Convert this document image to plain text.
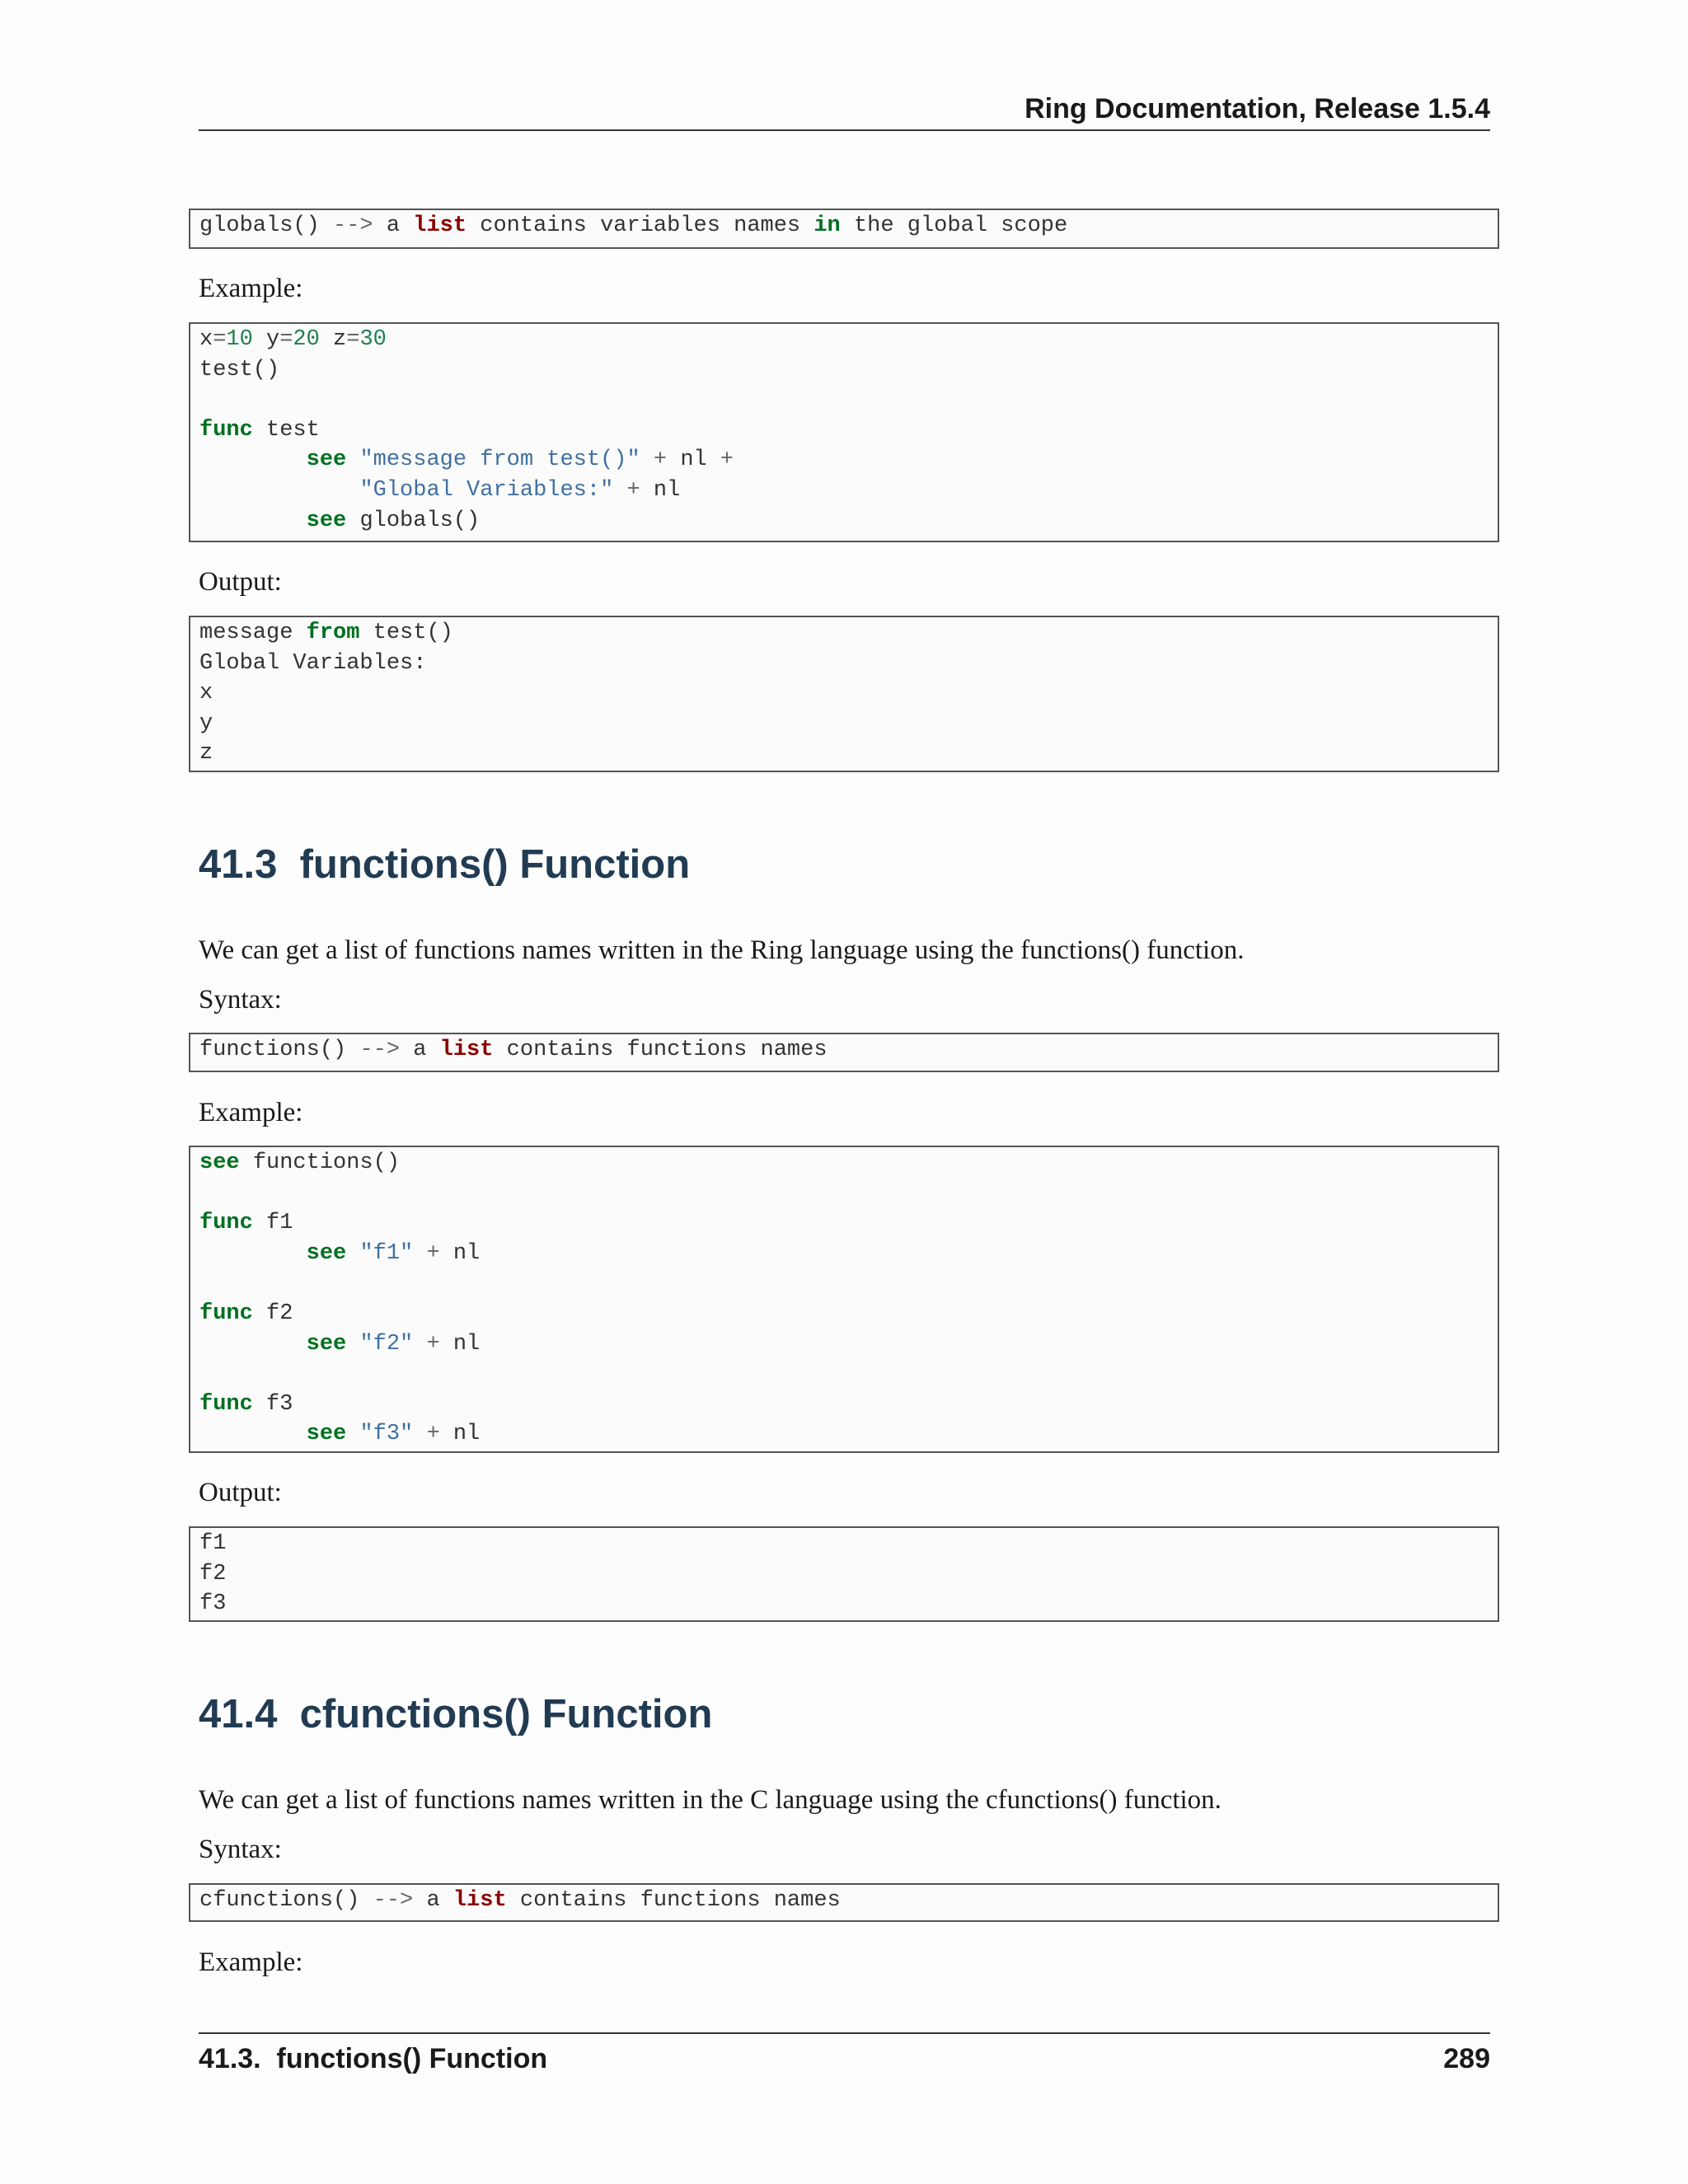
Ring Documentation, Release 1.5.4
globals() --> a list contains variables names in the global scope
Example:
x=10 y=20 z=30
test()

func test
see "message from test()" + nl +
"Global Variables:" + nl
see globals()
Output:
message from test()
Global Variables:
x
y
z
41.3  functions() Function
We can get a list of functions names written in the Ring language using the functions() function.
Syntax:
functions() --> a list contains functions names
Example:
see functions()

func f1
see "f1" + nl

func f2
see "f2" + nl

func f3
see "f3" + nl
Output:
f1
f2
f3
41.4  cfunctions() Function
We can get a list of functions names written in the C language using the cfunctions() function.
Syntax:
cfunctions() --> a list contains functions names
Example:
41.3.  functions() Function	289
